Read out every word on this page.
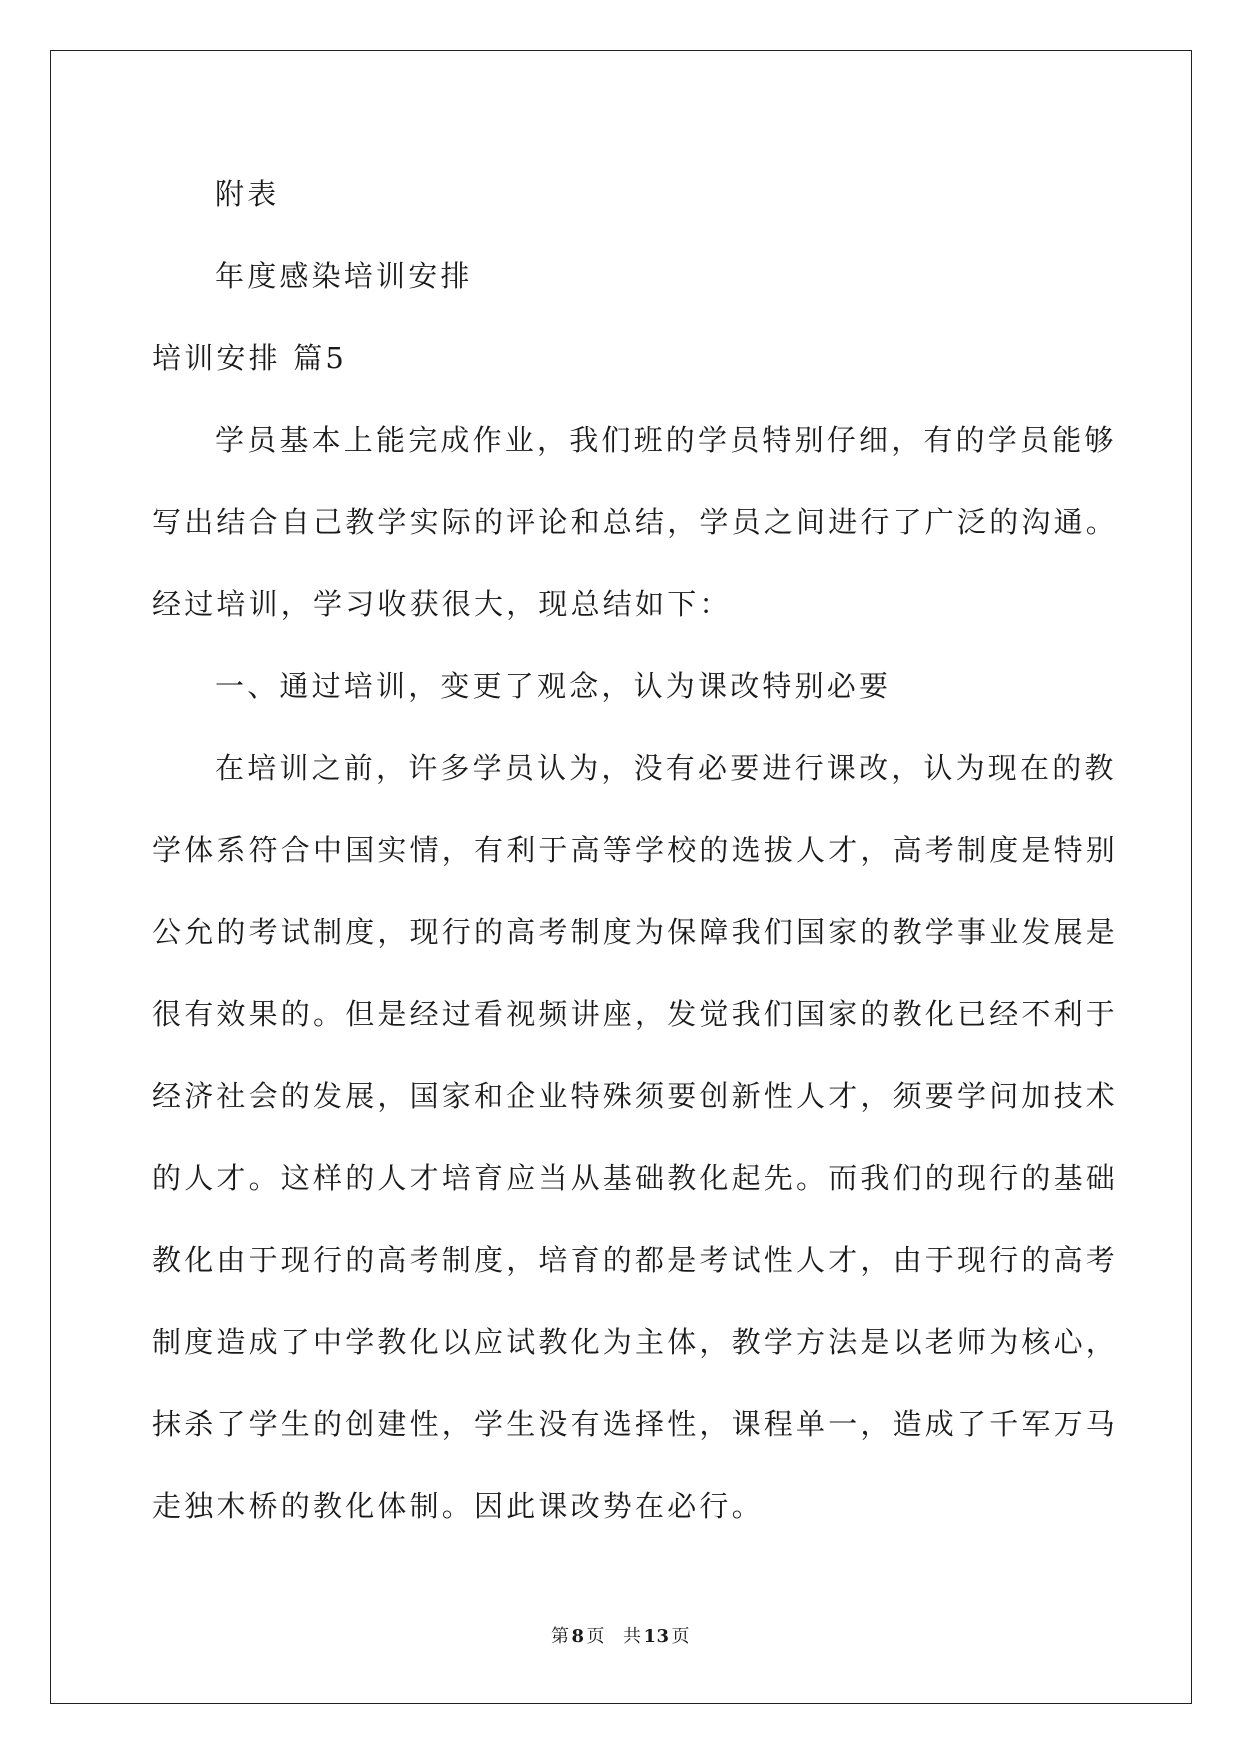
附表
年度感染培训安排
培训安排 篇5
学员基本上能完成作业，我们班的学员特别仔细，有的学员能够
写出结合自己教学实际的评论和总结，学员之间进行了广泛的沟通。
经过培训，学习收获很大，现总结如下：
一、通过培训，变更了观念，认为课改特别必要
在培训之前，许多学员认为，没有必要进行课改，认为现在的教
学体系符合中国实情，有利于高等学校的选拔人才，高考制度是特别
公允的考试制度，现行的高考制度为保障我们国家的教学事业发展是
很有效果的。但是经过看视频讲座，发觉我们国家的教化已经不利于
经济社会的发展，国家和企业特殊须要创新性人才，须要学问加技术
的人才。这样的人才培育应当从基础教化起先。而我们的现行的基础
教化由于现行的高考制度，培育的都是考试性人才，由于现行的高考
制度造成了中学教化以应试教化为主体，教学方法是以老师为核心，
抹杀了学生的创建性，学生没有选择性，课程单一，造成了千军万马
走独木桥的教化体制。因此课改势在必行。
第 8 页 共 13 页
